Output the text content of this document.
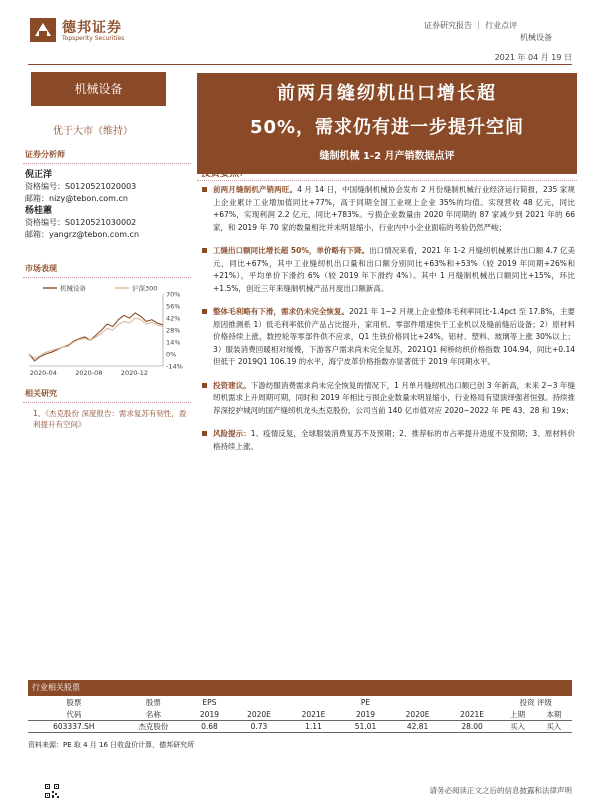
德邦证券
Topsperity Securities
证券研究报告 ｜ 行业点评
机械设备
2021 年 04 月 19 日
机械设备
优于大市（维持）
证券分析师
倪正洋
资格编号：S0120521020003
邮箱：nizy@tebon.com.cn
杨桂蕙
资格编号：S0120521030002
邮箱：yangrz@tebon.com.cn
市场表现
70%
56%
42%
28%
14%
0%
-14%
2020-04	2020-08	2020-12
机械设备	沪深300
相关研究
1、《杰克股份 深度报告：需求复苏有韧性，盈利提升有空间》
前两月缝纫机出口增长超
50%，需求仍有进一步提升空间
缝制机械 1-2 月产销数据点评
投资要点：
前两月缝制机产销两旺。4 月 14 日，中国缝制机械协会发布 2 月份缝制机械行业经济运行简报，235 家规上企业累计工业增加值同比+77%，高于同期全国工业规上企业 35%的均值。实现营收 48 亿元，同比+67%，实现利润 2.2 亿元，同比+783%。亏损企业数量由 2020 年同期的 87 家减少到 2021 年的 66 家，和 2019 年 70 家的数量相比并未明显缩小，行业内中小企业面临的考验仍然严峻；
工缝出口额同比增长超 50%，单价略有下降。出口情况来看，2021 年 1-2 月缝纫机械累计出口额 4.7 亿美元，同比+67%，其中工业缝纫机出口量和出口额分别同比+63%和+53%（较 2019 年同期+26%和+21%），平均单价下滑约 6%（较 2019 年下滑约 4%）。其中 1 月缝制机械出口额同比+15%，环比+1.5%，创近三年来缝制机械产品月度出口额新高。
整体毛利略有下滑，需求仍未完全恢复。2021 年 1~2 月规上企业整体毛利率同比-1.4pct 至 17.8%，主要原因推测系 1）低毛利率低价产品占比提升，家用机、零部件增速快于工业机以及缝前缝后设备；2）原材料价格持续上涨，数控轮等零部件供不应求，Q1 生铁价格同比+24%，铝材、塑料、玻璃等上涨 30%以上；3）服装消费回暖相对缓慢，下游客户需求尚未完全复苏，2021Q1 柯桥纺织价格指数 104.94，同比+0.14 但低于 2019Q1 106.19 的水平，海宁皮革价格指数亦显著低于 2019 年同期水平。
投资建议。下游纺服消费需求尚未完全恢复的情况下，1 月单月缝纫机出口额已创 3 年新高，未来 2~3 年缝纫机需求上升周期可期，同时和 2019 年相比亏损企业数量未明显缩小，行业格局有望演绎强者恒强。持续推荐深挖护城河的国产缝纫机龙头杰克股份，公司当前 140 亿市值对应 2020~2022 年 PE 43、28 和 19x；
风险提示：1、疫情反复，全球服装消费复苏不及预期；2、推荐标的市占率提升进度不及预期；3、原材料价格持续上涨。
行业相关股票
股票	股票	EPS			PE			投资 评级	
代码	名称	2019	2020E	2021E	2019	2020E	2021E	上期	本期
603337.SH	杰克股份	0.68	0.73	1.11	51.01	42.81	28.00	买入	买入
资料来源：PE 取 4 月 16 日收盘价计算，德邦研究所
请务必阅读正文之后的信息披露和法律声明
